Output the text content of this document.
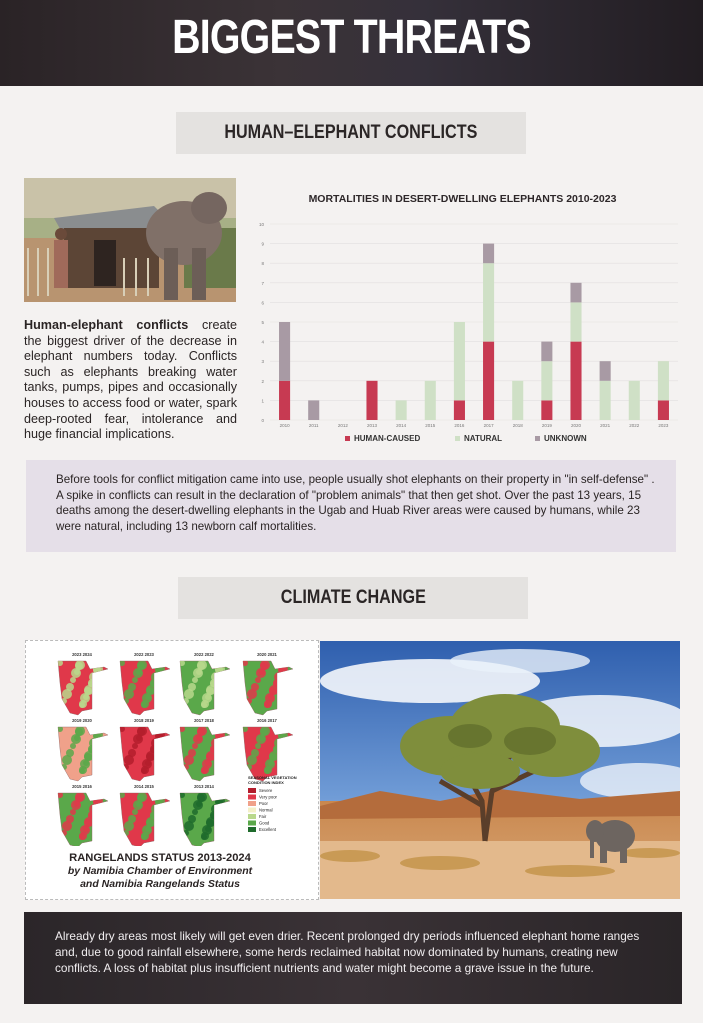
BIGGEST THREATS
HUMAN–ELEPHANT CONFLICTS
Human-elephant conflicts create the biggest driver of the decrease in elephant numbers today. Conflicts such as elephants breaking water tanks, pumps, pipes and occasionally houses to access food or water, spark deep-rooted fear, intolerance and huge financial implications.
MORTALITIES IN DESERT-DWELLING ELEPHANTS 2010-2023
0
1
2
3
4
5
6
7
8
9
10
2010	2011	2012	2013	2014	2015	2016	2017	2018	2019	2020	2021	2022	2023
HUMAN-CAUSED	NATURAL	UNKNOWN
Before tools for conflict mitigation came into use, people usually shot elephants on their property in "in self-defense" . A spike in conflicts can result in the declaration of "problem animals" that then get shot. Over the past 13 years, 15 deaths among the desert-dwelling elephants in the Ugab and Huab River areas were caused by humans, while 23 were natural, including 13 newborn calf mortalities.
CLIMATE CHANGE
2023 2024	2022 2023	2022 2022	2020 2021
2019 2020	2018 2019	2017 2018	2016 2017
2015 2016	2014 2015	2013 2014
SEASONAL VEGETATION
CONDITION INDEX
Severe
Very poor
Poor
Normal
Fair
Good
Excellent
RANGELANDS STATUS 2013-2024
by Namibia Chamber of Environment
and Namibia Rangelands Status
Already dry areas most likely will get even drier. Recent prolonged dry periods influenced elephant home ranges and, due to good rainfall elsewhere, some herds reclaimed habitat now dominated by humans, creating new conflicts. A loss of habitat plus insufficient nutrients and water might become a grave issue in the future.
